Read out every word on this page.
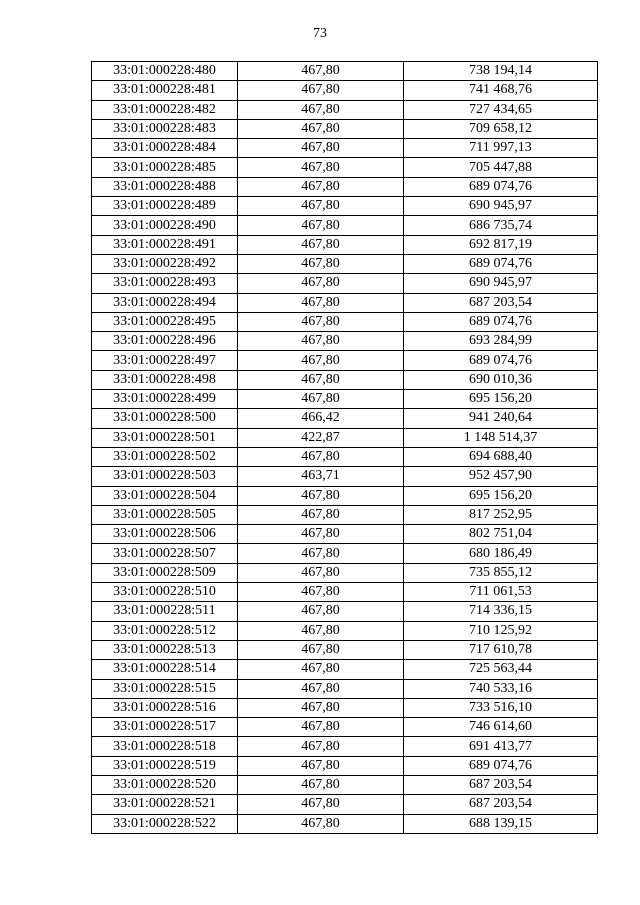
73
33:01:000228:480	467,80	738 194,14
33:01:000228:481	467,80	741 468,76
33:01:000228:482	467,80	727 434,65
33:01:000228:483	467,80	709 658,12
33:01:000228:484	467,80	711 997,13
33:01:000228:485	467,80	705 447,88
33:01:000228:488	467,80	689 074,76
33:01:000228:489	467,80	690 945,97
33:01:000228:490	467,80	686 735,74
33:01:000228:491	467,80	692 817,19
33:01:000228:492	467,80	689 074,76
33:01:000228:493	467,80	690 945,97
33:01:000228:494	467,80	687 203,54
33:01:000228:495	467,80	689 074,76
33:01:000228:496	467,80	693 284,99
33:01:000228:497	467,80	689 074,76
33:01:000228:498	467,80	690 010,36
33:01:000228:499	467,80	695 156,20
33:01:000228:500	466,42	941 240,64
33:01:000228:501	422,87	1 148 514,37
33:01:000228:502	467,80	694 688,40
33:01:000228:503	463,71	952 457,90
33:01:000228:504	467,80	695 156,20
33:01:000228:505	467,80	817 252,95
33:01:000228:506	467,80	802 751,04
33:01:000228:507	467,80	680 186,49
33:01:000228:509	467,80	735 855,12
33:01:000228:510	467,80	711 061,53
33:01:000228:511	467,80	714 336,15
33:01:000228:512	467,80	710 125,92
33:01:000228:513	467,80	717 610,78
33:01:000228:514	467,80	725 563,44
33:01:000228:515	467,80	740 533,16
33:01:000228:516	467,80	733 516,10
33:01:000228:517	467,80	746 614,60
33:01:000228:518	467,80	691 413,77
33:01:000228:519	467,80	689 074,76
33:01:000228:520	467,80	687 203,54
33:01:000228:521	467,80	687 203,54
33:01:000228:522	467,80	688 139,15
